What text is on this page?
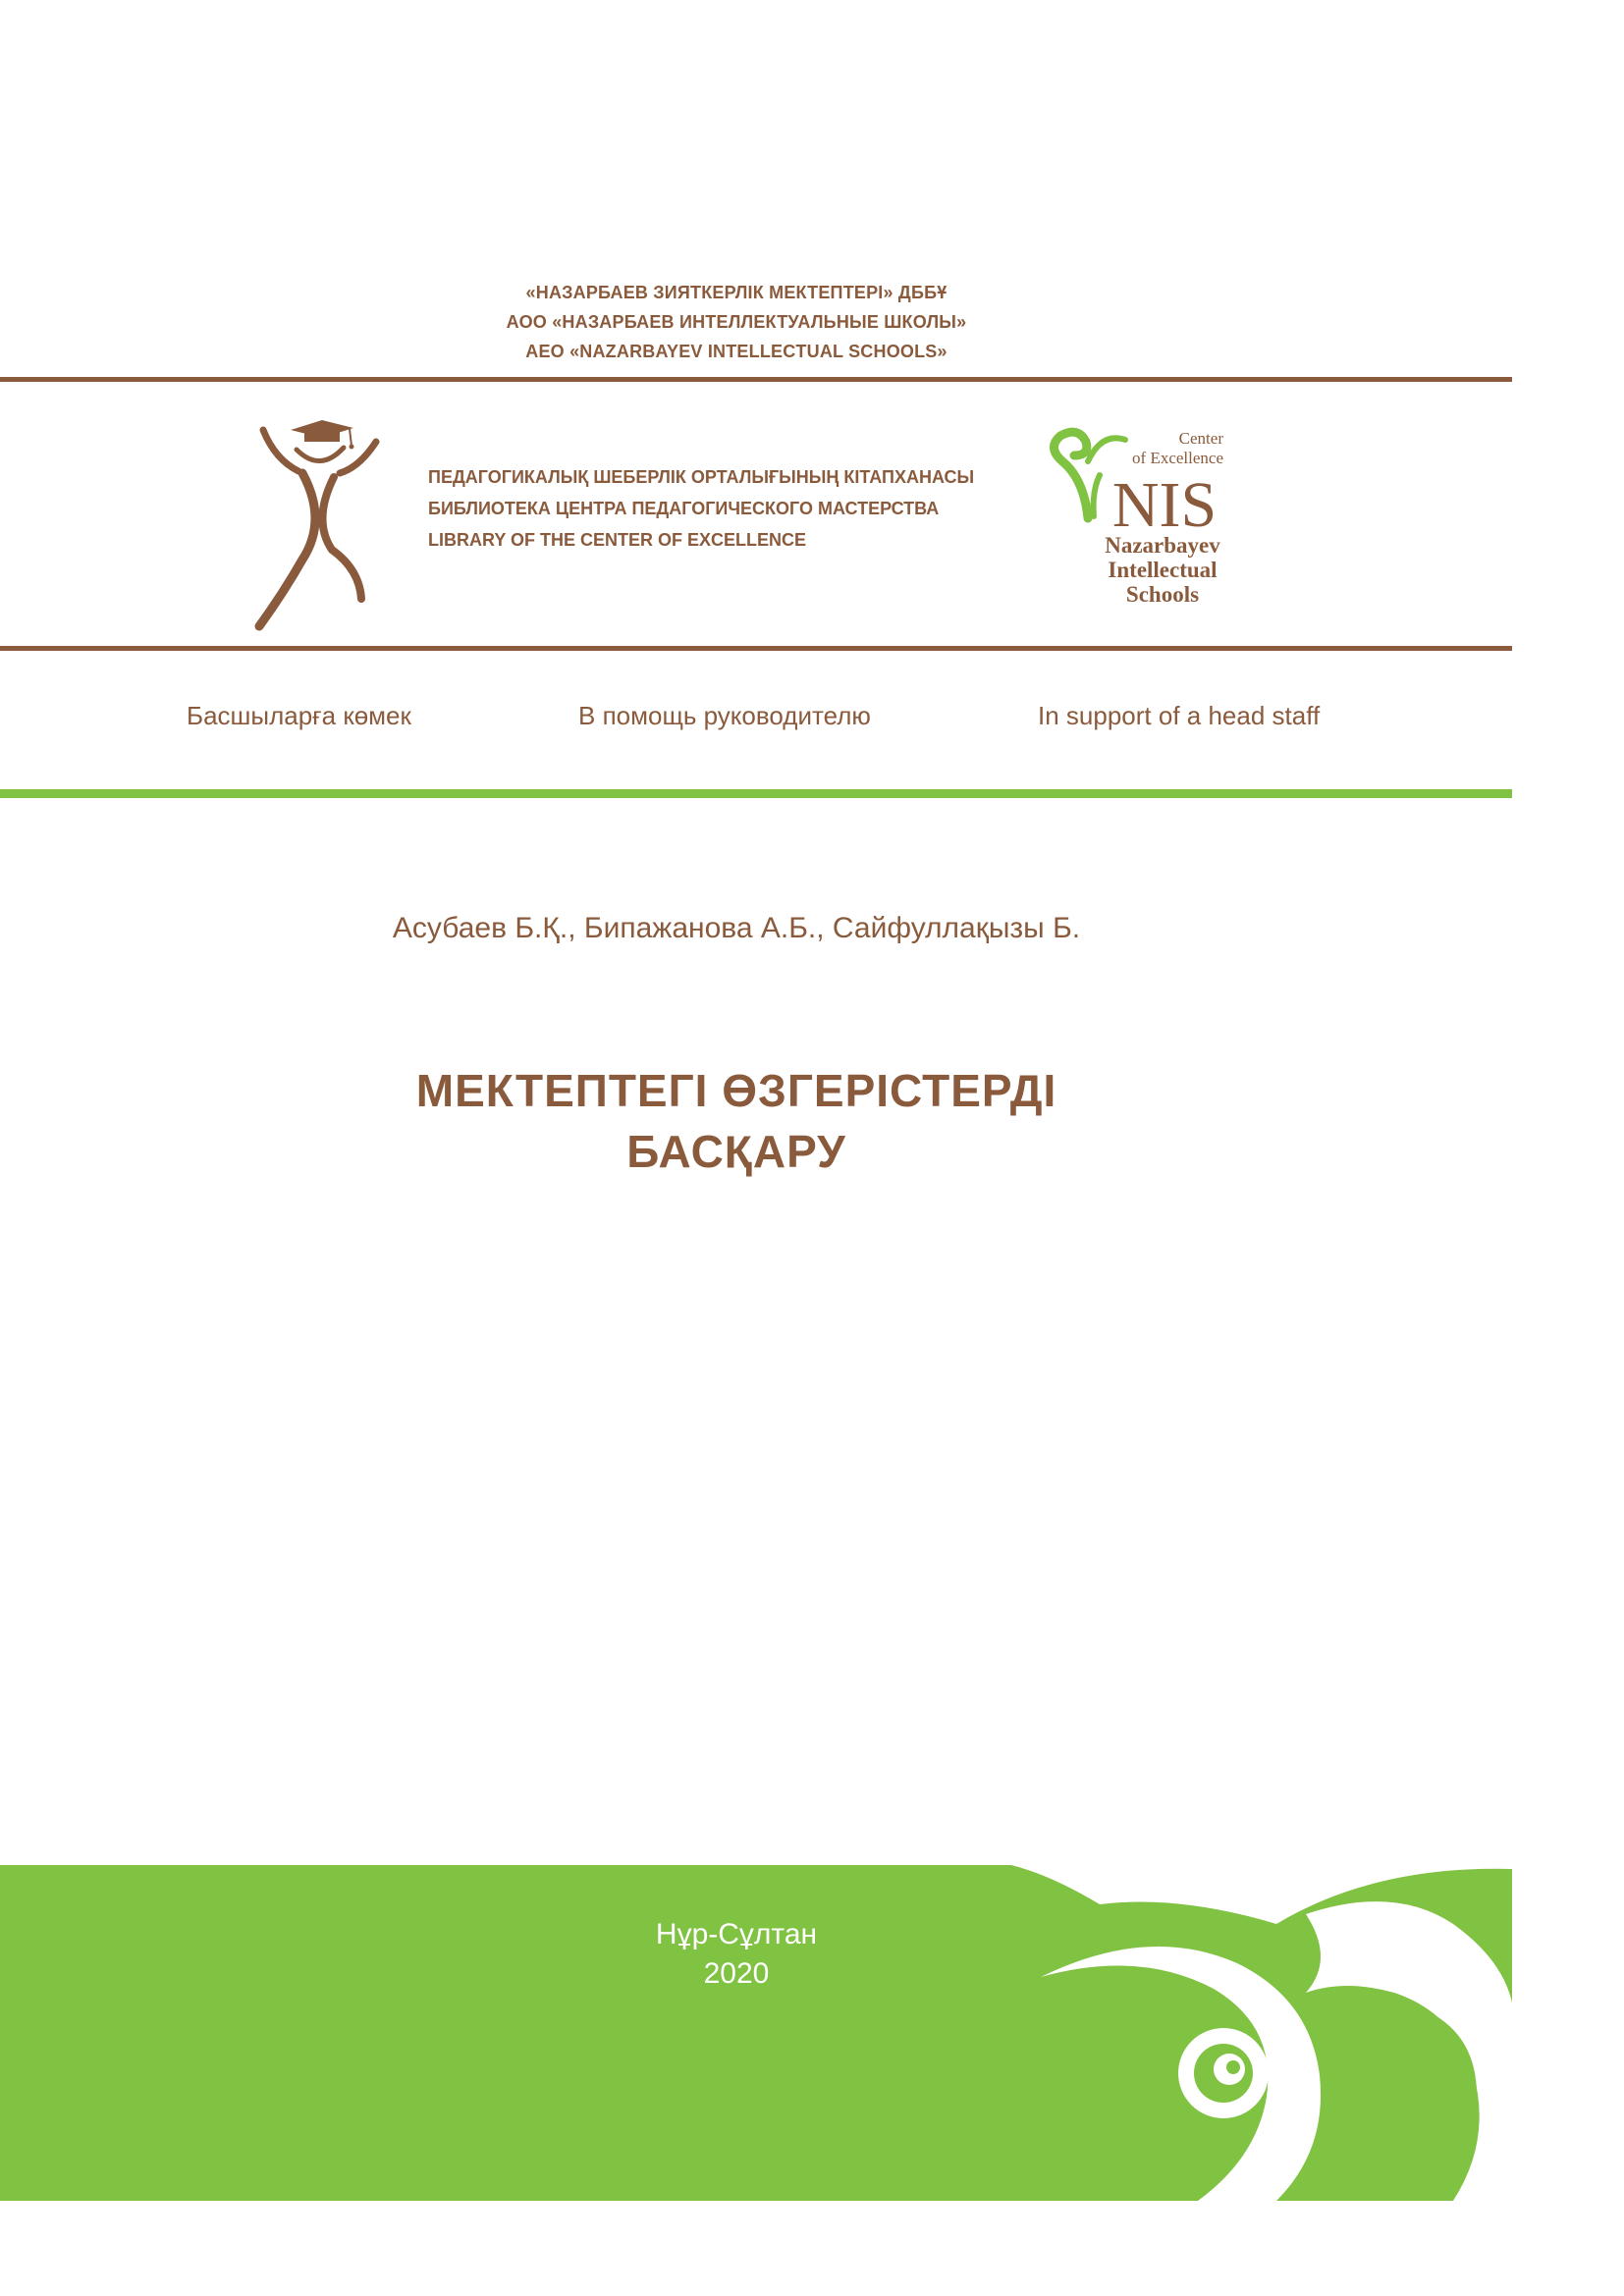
«НАЗАРБАЕВ ЗИЯТКЕРЛІК МЕКТЕПТЕРІ» ДББҰ
АОО «НАЗАРБАЕВ ИНТЕЛЛЕКТУАЛЬНЫЕ ШКОЛЫ»
AEO «NAZARBAYEV INTELLECTUAL SCHOOLS»
ПЕДАГОГИКАЛЫҚ ШЕБЕРЛІК ОРТАЛЫҒЫНЫҢ КІТАПХАНАСЫ
БИБЛИОТЕКА ЦЕНТРА ПЕДАГОГИЧЕСКОГО МАСТЕРСТВА
LIBRARY OF THE CENTER OF EXCELLENCE
Center
of Excellence
NIS
Nazarbayev
Intellectual
Schools
Басшыларға көмек	В помощь руководителю	In support of a head staff
Асубаев Б.Қ., Бипажанова А.Б., Сайфуллақызы Б.
МЕКТЕПТЕГІ ӨЗГЕРІСТЕРДІ
БАСҚАРУ
Нұр-Сұлтан
2020
